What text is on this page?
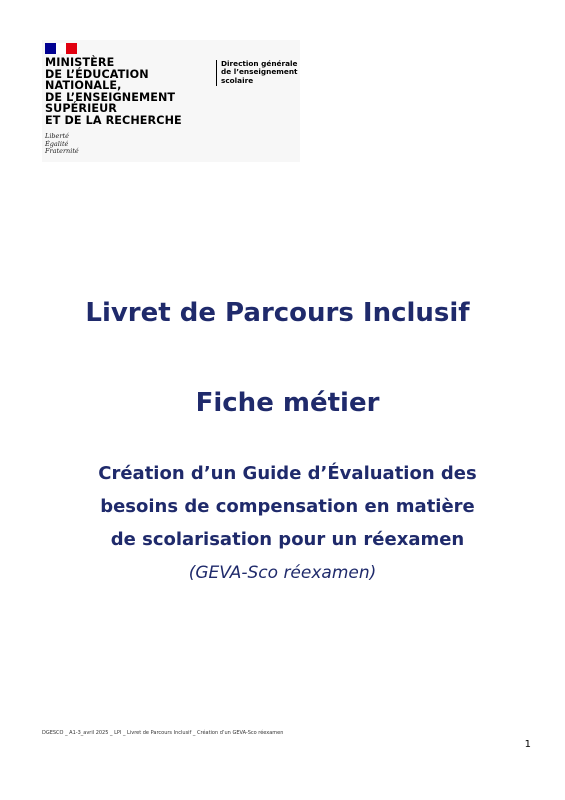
MINISTÈRE
DE L’ÉDUCATION
NATIONALE,
DE L’ENSEIGNEMENT
SUPÉRIEUR
ET DE LA RECHERCHE
Liberté
Égalité
Fraternité
Direction générale
de l’enseignement
scolaire
Livret de Parcours Inclusif
Fiche métier
Création d’un Guide d’Évaluation des
besoins de compensation en matière
de scolarisation pour un réexamen
(GEVA-Sco réexamen)
DGESCO _ A1-3_avril 2025 _ LPI _ Livret de Parcours Inclusif _ Création d’un GEVA-Sco réexamen
1
